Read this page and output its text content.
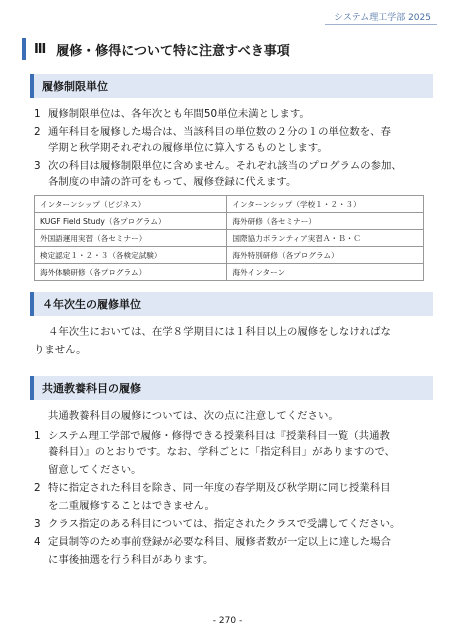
システム理工学部 2025
Ⅲ 履修・修得について特に注意すべき事項
履修制限単位
1 履修制限単位は、各年次とも年間50単位未満とします。
2 通年科目を履修した場合は、当該科目の単位数の２分の１の単位数を、春
学期と秋学期それぞれの履修単位に算入するものとします。
3 次の科目は履修制限単位に含めません。それぞれ該当のプログラムの参加、
各制度の申請の許可をもって、履修登録に代えます。
インターンシップ（ビジネス）	インターンシップ（学校１・２・３）
KUGF Field Study（各プログラム）	海外研修（各セミナー）
外国語運用実習（各セミナー）	国際協力ボランティア実習Ａ・Ｂ・Ｃ
検定認定１・２・３（各検定試験）	海外特別研修（各プログラム）
海外体験研修（各プログラム）	海外インターン
４年次生の履修単位
４年次生においては、在学８学期目には１科目以上の履修をしなければな
りません。
共通教養科目の履修
共通教養科目の履修については、次の点に注意してください。
1 システム理工学部で履修・修得できる授業科目は『授業科目一覧（共通教
養科目）』のとおりです。なお、学科ごとに「指定科目」がありますので、
留意してください。
2 特に指定された科目を除き、同一年度の春学期及び秋学期に同じ授業科目
を二重履修することはできません。
3 クラス指定のある科目については、指定されたクラスで受講してください。
4 定員制等のため事前登録が必要な科目、履修者数が一定以上に達した場合
に事後抽選を行う科目があります。
- 270 -
